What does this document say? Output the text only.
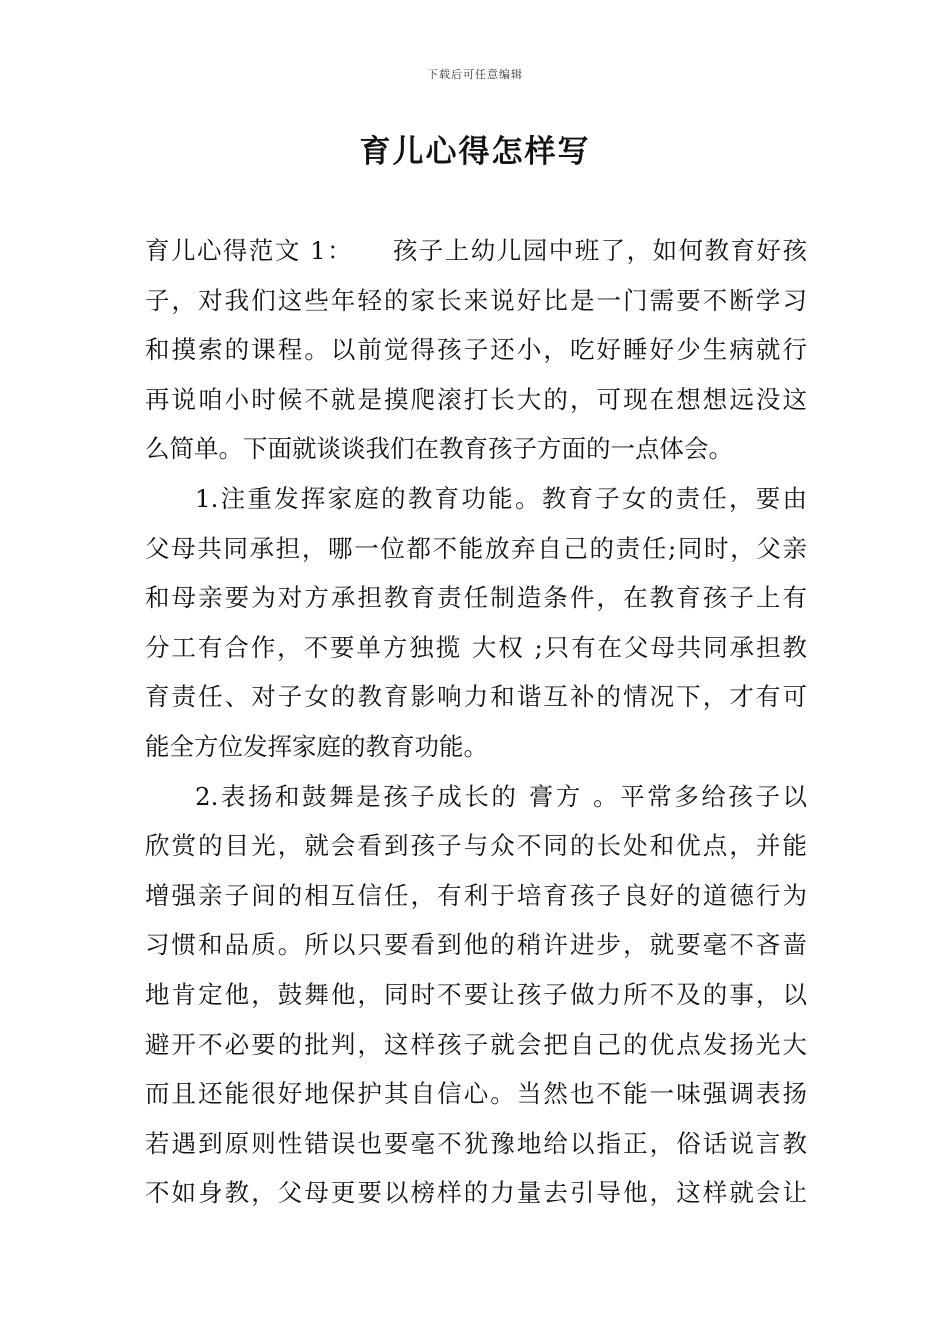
下载后可任意编辑
育儿心得怎样写
育儿心得范文 1：　　孩子上幼儿园中班了，如何教育好孩
子，对我们这些年轻的家长来说好比是一门需要不断学习
和摸索的课程。以前觉得孩子还小，吃好睡好少生病就行
再说咱小时候不就是摸爬滚打长大的，可现在想想远没这
么简单。下面就谈谈我们在教育孩子方面的一点体会。
1.注重发挥家庭的教育功能。教育子女的责任，要由
父母共同承担，哪一位都不能放弃自己的责任;同时，父亲
和母亲要为对方承担教育责任制造条件，在教育孩子上有
分工有合作，不要单方独揽 大权 ;只有在父母共同承担教
育责任、对子女的教育影响力和谐互补的情况下，才有可
能全方位发挥家庭的教育功能。
2.表扬和鼓舞是孩子成长的 膏方 。平常多给孩子以
欣赏的目光，就会看到孩子与众不同的长处和优点，并能
增强亲子间的相互信任，有利于培育孩子良好的道德行为
习惯和品质。所以只要看到他的稍许进步，就要毫不吝啬
地肯定他，鼓舞他，同时不要让孩子做力所不及的事，以
避开不必要的批判，这样孩子就会把自己的优点发扬光大
而且还能很好地保护其自信心。当然也不能一味强调表扬
若遇到原则性错误也要毫不犹豫地给以指正，俗话说言教
不如身教，父母更要以榜样的力量去引导他，这样就会让
